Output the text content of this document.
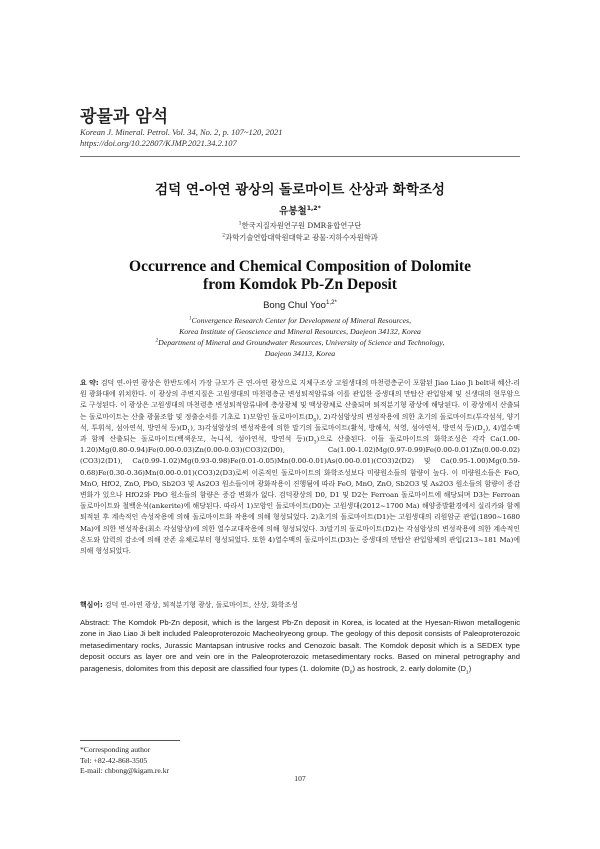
광물과 암석
Korean J. Mineral. Petrol. Vol. 34, No. 2, p. 107~120, 2021
https://doi.org/10.22807/KJMP.2021.34.2.107
검덕 연-아연 광상의 돌로마이트 산상과 화학조성
유봉철$^{1,2*}$
$^1$한국지질자원연구원 DMR융합연구단
$^2$과학기술연합대학원대학교 광물·지하수자원학과
Occurrence and Chemical Composition of Dolomite
from Komdok Pb-Zn Deposit
Bong Chul Yoo$^{1,2*}$
$^1$Convergence Research Center for Development of Mineral Resources,
Korea Institute of Geoscience and Mineral Resources, Daejeon 34132, Korea
$^2$Department of Mineral and Groundwater Resources, University of Science and Technology,
Daejeon 34113, Korea
요 약: 검덕 연-아연 광상은 한반도에서 가장 규모가 큰 연-아연 광상으로 지체구조상 고원생대의 마천령층군이 포함된 Jiao Liao Ji belt내 혜산-리원 광화대에 위치한다. 이 광상의 주변지질은 고원생대의 마천령층군 변성퇴적암류와 이를 관입한 중생대의 만탑산 관입암체 및 신생대의 현무암으로 구성된다. 이 광상은 고원생대의 마천령층 변성퇴적암류내에 층상광체 및 맥상광체로 산출되며 퇴적분기형 광상에 해당된다. 이 광상에서 산출되는 돌로마이트는 산출 광물조합 및 정출순서를 기초로 1)모암인 돌로마이트$(D_0)$, 2)각섬암상의 변성작용에 의한 초기의 돌로마이트(투각섬석, 양기석, 투휘석, 섬아연석, 방연석 등)$(D_1)$, 3)각섬암상의 변성작용에 의한 말기의 돌로마이트(활석, 방해석, 석영, 섬아연석, 방연석 등)$(D_2)$, 4)열수맥과 함께 산출되는 돌로마이트(백색운모, 녹니석, 섬아연석, 방연석 등)$(D_3)$으로 산출된다. 이들 돌로마이트의 화학조성은 각각 Ca(1.00-1.20)Mg(0.80-0.94)Fe(0.00-0.03)Zn(0.00-0.03)(CO3)2(D0), Ca(1.00-1.02)Mg(0.97-0.99)Fe(0.00-0.01)Zn(0.00-0.02)(CO3)2(D1), Ca(0.99-1.02)Mg(0.93-0.98)Fe(0.01-0.05)Mn(0.00-0.01)As(0.00-0.01)(CO3)2(D2) 및 Ca(0.95-1.00)Mg(0.59-0.68)Fe(0.30-0.36)Mn(0.00-0.01)(CO3)2(D3)로써 이론적인 돌로마이트의 화학조성보다 미량원소들의 함량이 높다. 이 미량원소들은 FeO, MnO, HfO2, ZnO, PbO, Sb2O3 및 As2O3 원소들이며 광화작용이 진행됨에 따라 FeO, MnO, ZnO, Sb2O3 및 As2O3 원소들의 함량이 증감 변화가 있으나 HfO2와 PbO 원소들의 함량은 증감 변화가 없다. 검덕광상의 D0, D1 및 D2는 Ferroan 돌로마이트에 해당되며 D3는 Ferroan 돌로마이트와 철백운석(ankerite)에 해당된다. 따라서 1)모암인 돌로마이트(D0)는 고원생대(2012~1700 Ma) 해양증발환경에서 실리카와 함께 퇴적된 후 계속적인 속성작용에 의해 돌로마이트화 작용에 의해 형성되었다. 2)초기의 돌로마이트(D1)는 고원생대의 리원암군 관입(1890~1680 Ma)에 의한 변성작용(최소 각섬암상)에 의한 열수교대작용에 의해 형성되었다. 3)말기의 돌로마이트(D2)는 각섬암상의 변성작용에 의한 계속적인 온도와 압력의 감소에 의해 잔존 유체로부터 형성되었다. 또한 4)열수맥의 돌로마이트(D3)는 중생대의 만탑산 관입암체의 관입(213~181 Ma)에 의해 형성되었다.
핵심어: 검덕 연-아연 광상, 퇴적분기형 광상, 돌로마이트, 산상, 화학조성
Abstract: The Komdok Pb-Zn deposit, which is the largest Pb-Zn deposit in Korea, is located at the Hyesan-Riwon metallogenic zone in Jiao Liao Ji belt included Paleoproterozoic Macheolryeong group. The geology of this deposit consists of Paleoproterozoic metasedimentary rocks, Jurassic Mantapsan intrusive rocks and Cenozoic basalt. The Komdok deposit which is a SEDEX type deposit occurs as layer ore and vein ore in the Paleoproterozoic metasedimentary rocks. Based on mineral petrography and paragenesis, dolomites from this deposit are classified four types (1. dolomite $(D_0)$ as hostrock, 2. early dolomite $(D_1)$
*Corresponding author
Tel: +82-42-868-3505
E-mail: chbong@kigam.re.kr
107
